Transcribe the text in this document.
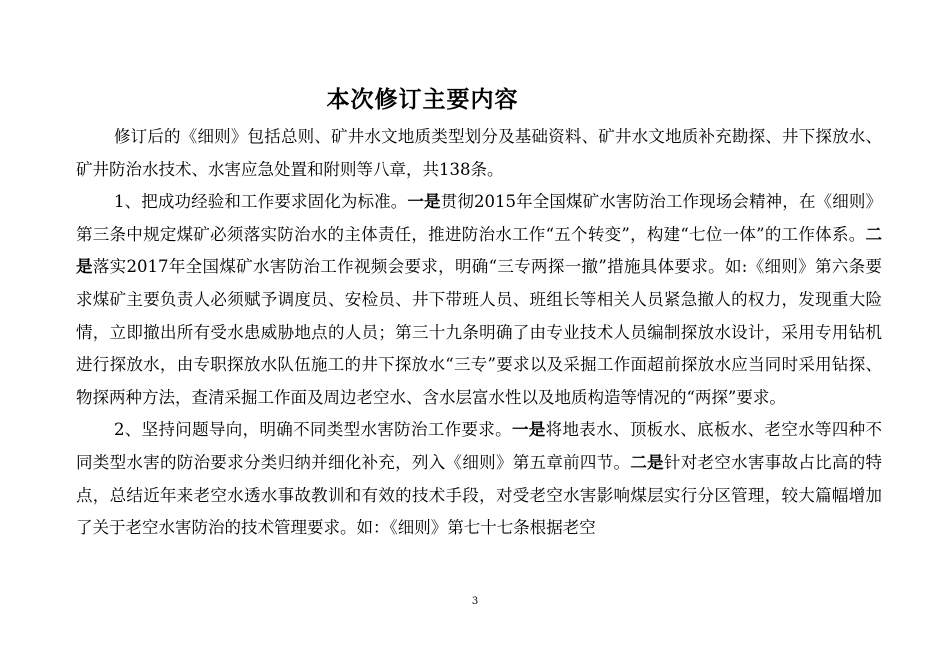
本次修订主要内容

修订后的《细则》包括总则、矿井水文地质类型划分及基础资料、矿井水文地质补充勘探、井下探放水、矿井防治水技术、水害应急处置和附则等八章，共138条。

1、把成功经验和工作要求固化为标准。一是贯彻2015年全国煤矿水害防治工作现场会精神，在《细则》第三条中规定煤矿必须落实防治水的主体责任，推进防治水工作“五个转变”，构建“七位一体”的工作体系。二是落实2017年全国煤矿水害防治工作视频会要求，明确“三专两探一撤”措施具体要求。如:《细则》第六条要求煤矿主要负责人必须赋予调度员、安检员、井下带班人员、班组长等相关人员紧急撤人的权力，发现重大险情，立即撤出所有受水患威胁地点的人员；第三十九条明确了由专业技术人员编制探放水设计，采用专用钻机进行探放水，由专职探放水队伍施工的井下探放水“三专”要求以及采掘工作面超前探放水应当同时采用钻探、物探两种方法，查清采掘工作面及周边老空水、含水层富水性以及地质构造等情况的“两探”要求。

2、坚持问题导向，明确不同类型水害防治工作要求。一是将地表水、顶板水、底板水、老空水等四种不同类型水害的防治要求分类归纳并细化补充，列入《细则》第五章前四节。二是针对老空水害事故占比高的特点，总结近年来老空水透水事故教训和有效的技术手段，对受老空水害影响煤层实行分区管理，较大篇幅增加了关于老空水害防治的技术管理要求。如：《细则》第七十七条根据老空

3
